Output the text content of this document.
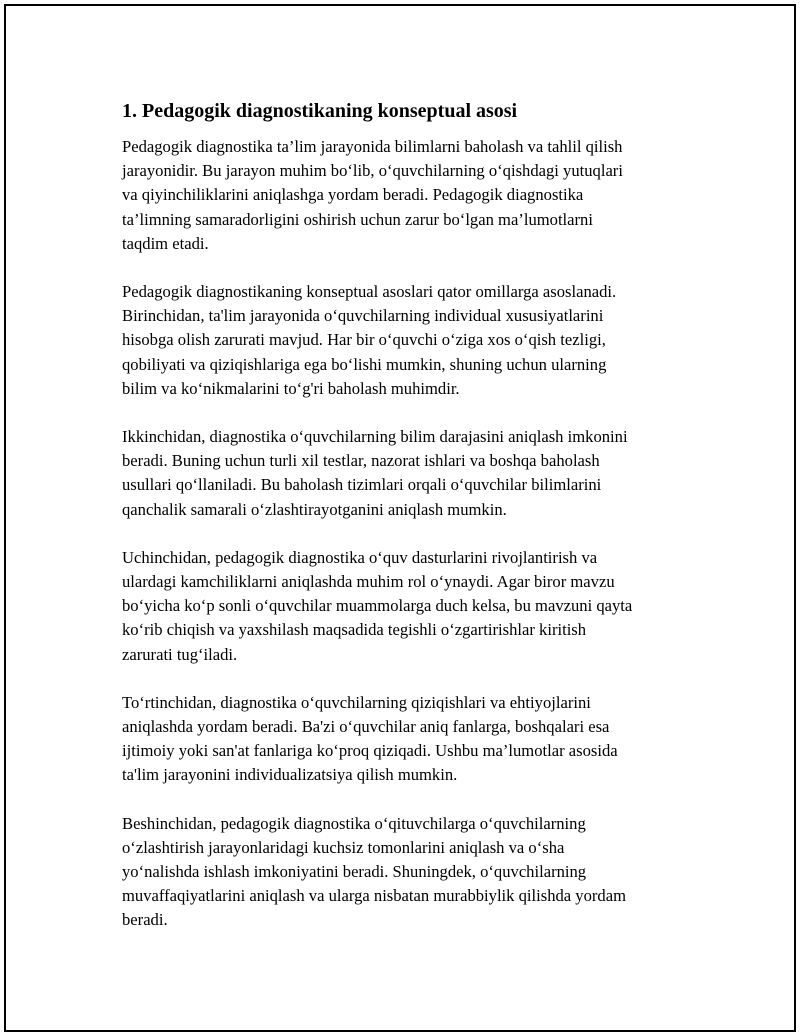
1. Pedagogik diagnostikaning konseptual asosi
Pedagogik diagnostika ta’lim jarayonida bilimlarni baholash va tahlil qilish
jarayonidir. Bu jarayon muhim bo‘lib, o‘quvchilarning o‘qishdagi yutuqlari
va qiyinchiliklarini aniqlashga yordam beradi. Pedagogik diagnostika
ta’limning samaradorligini oshirish uchun zarur bo‘lgan ma’lumotlarni
taqdim etadi.
Pedagogik diagnostikaning konseptual asoslari qator omillarga asoslanadi.
Birinchidan, ta'lim jarayonida o‘quvchilarning individual xususiyatlarini
hisobga olish zarurati mavjud. Har bir o‘quvchi o‘ziga xos o‘qish tezligi,
qobiliyati va qiziqishlariga ega bo‘lishi mumkin, shuning uchun ularning
bilim va ko‘nikmalarini to‘g'ri baholash muhimdir.
Ikkinchidan, diagnostika o‘quvchilarning bilim darajasini aniqlash imkonini
beradi. Buning uchun turli xil testlar, nazorat ishlari va boshqa baholash
usullari qo‘llaniladi. Bu baholash tizimlari orqali o‘quvchilar bilimlarini
qanchalik samarali o‘zlashtirayotganini aniqlash mumkin.
Uchinchidan, pedagogik diagnostika o‘quv dasturlarini rivojlantirish va
ulardagi kamchiliklarni aniqlashda muhim rol o‘ynaydi. Agar biror mavzu
bo‘yicha ko‘p sonli o‘quvchilar muammolarga duch kelsa, bu mavzuni qayta
ko‘rib chiqish va yaxshilash maqsadida tegishli o‘zgartirishlar kiritish
zarurati tug‘iladi.
To‘rtinchidan, diagnostika o‘quvchilarning qiziqishlari va ehtiyojlarini
aniqlashda yordam beradi. Ba'zi o‘quvchilar aniq fanlarga, boshqalari esa
ijtimoiy yoki san'at fanlariga ko‘proq qiziqadi. Ushbu ma’lumotlar asosida
ta'lim jarayonini individualizatsiya qilish mumkin.
Beshinchidan, pedagogik diagnostika o‘qituvchilarga o‘quvchilarning
o‘zlashtirish jarayonlaridagi kuchsiz tomonlarini aniqlash va o‘sha
yo‘nalishda ishlash imkoniyatini beradi. Shuningdek, o‘quvchilarning
muvaffaqiyatlarini aniqlash va ularga nisbatan murabbiylik qilishda yordam
beradi.
